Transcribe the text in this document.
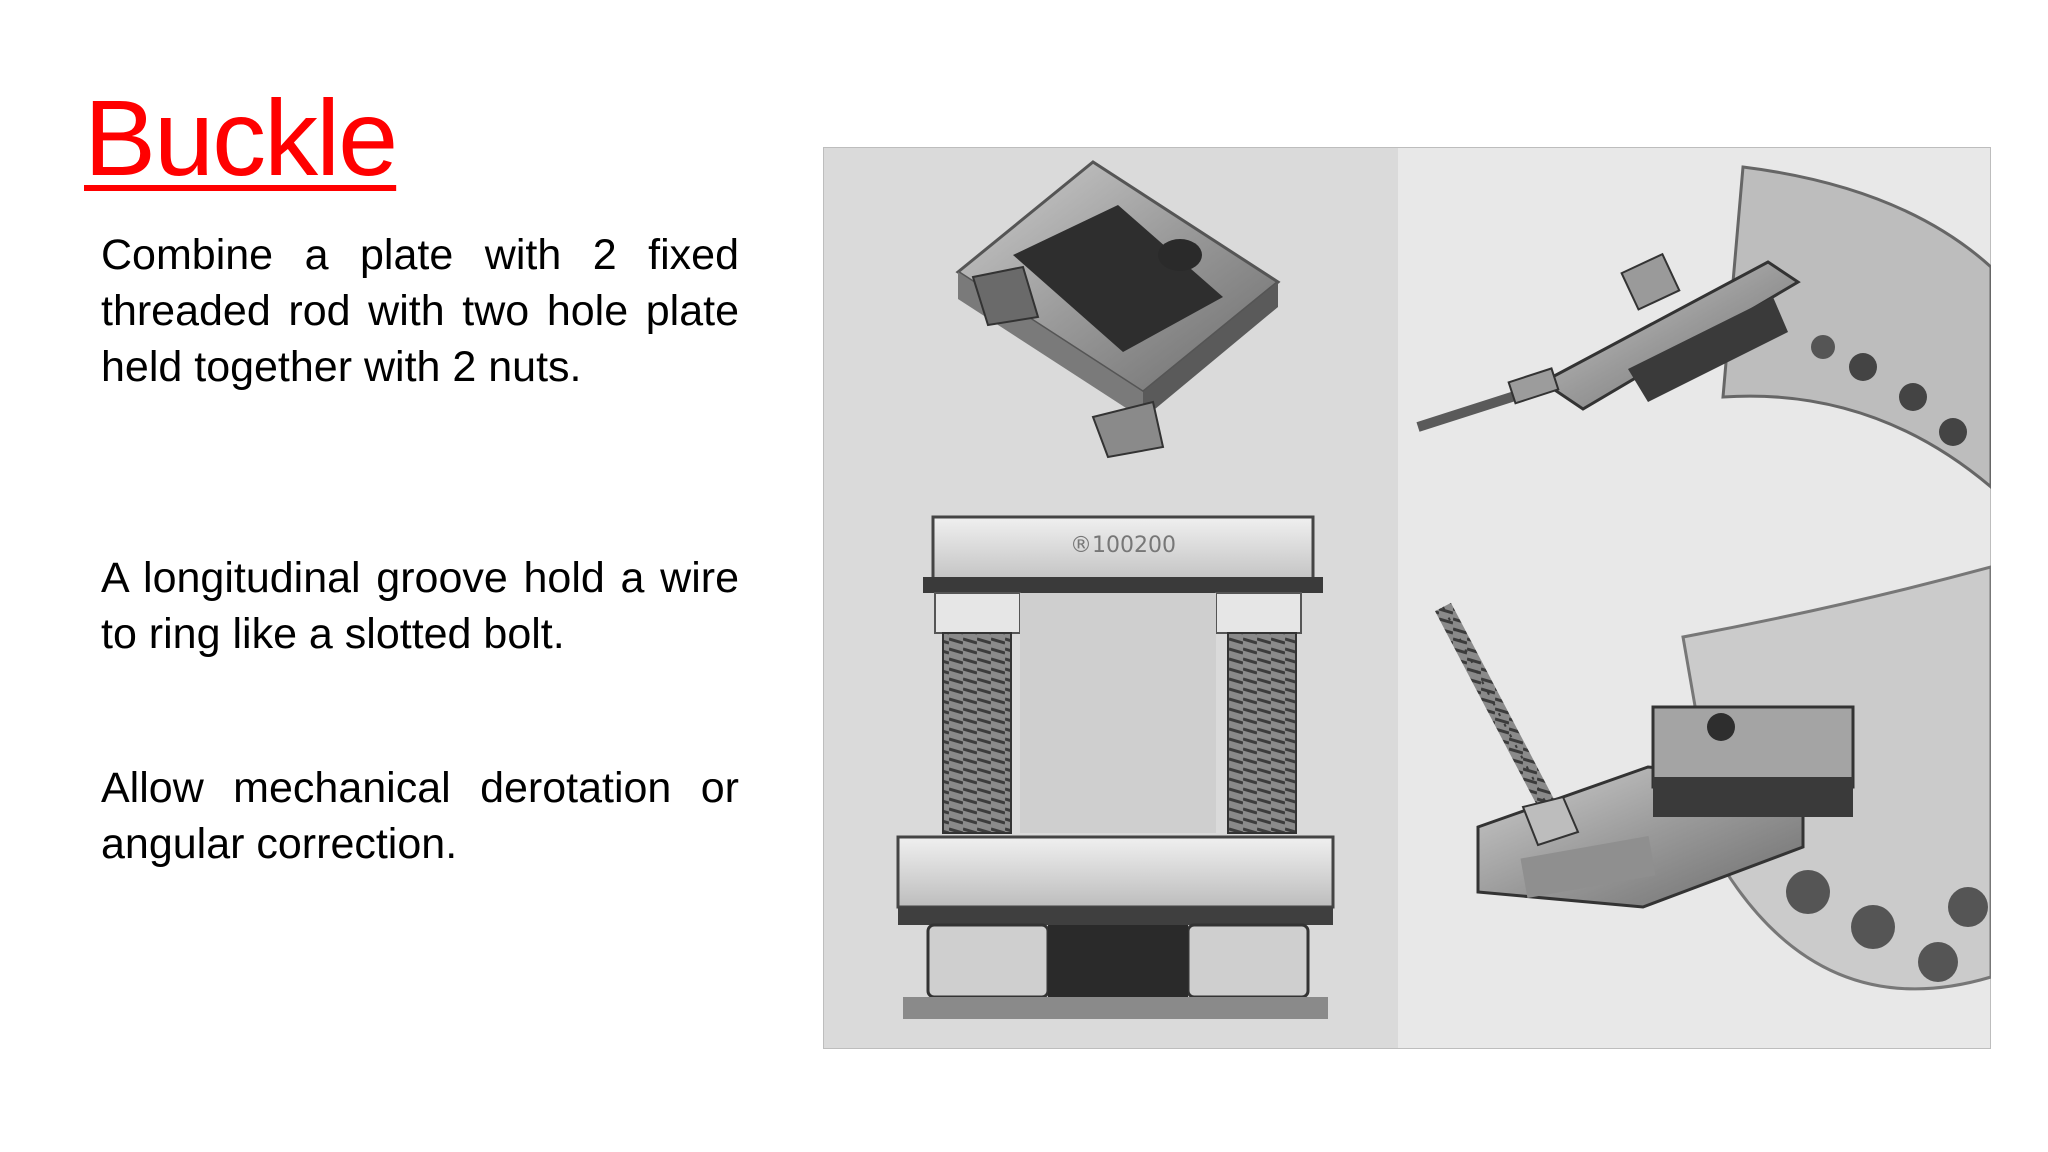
Buckle

Combine a plate with 2 fixed threaded rod with two hole plate held together with 2 nuts.

A longitudinal groove hold a wire to ring like a slotted bolt.

Allow mechanical derotation or angular correction.

®100200
